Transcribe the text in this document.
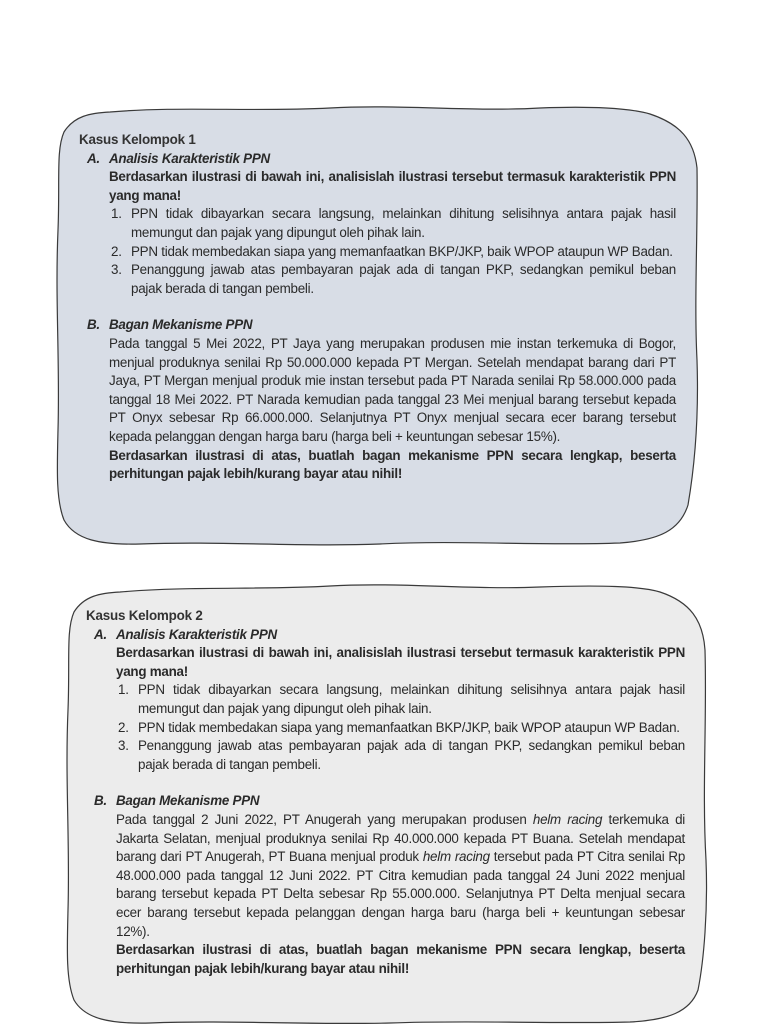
Kasus Kelompok 1
A. Analisis Karakteristik PPN
Berdasarkan ilustrasi di bawah ini, analisislah ilustrasi tersebut termasuk karakteristik PPN yang mana!
1. PPN tidak dibayarkan secara langsung, melainkan dihitung selisihnya antara pajak hasil memungut dan pajak yang dipungut oleh pihak lain.
2. PPN tidak membedakan siapa yang memanfaatkan BKP/JKP, baik WPOP ataupun WP Badan.
3. Penanggung jawab atas pembayaran pajak ada di tangan PKP, sedangkan pemikul beban pajak berada di tangan pembeli.
B. Bagan Mekanisme PPN
Pada tanggal 5 Mei 2022, PT Jaya yang merupakan produsen mie instan terkemuka di Bogor, menjual produknya senilai Rp 50.000.000 kepada PT Mergan. Setelah mendapat barang dari PT Jaya, PT Mergan menjual produk mie instan tersebut pada PT Narada senilai Rp 58.000.000 pada tanggal 18 Mei 2022. PT Narada kemudian pada tanggal 23 Mei menjual barang tersebut kepada PT Onyx sebesar Rp 66.000.000. Selanjutnya PT Onyx menjual secara ecer barang tersebut kepada pelanggan dengan harga baru (harga beli + keuntungan sebesar 15%).
Berdasarkan ilustrasi di atas, buatlah bagan mekanisme PPN secara lengkap, beserta perhitungan pajak lebih/kurang bayar atau nihil!
Kasus Kelompok 2
A. Analisis Karakteristik PPN
Berdasarkan ilustrasi di bawah ini, analisislah ilustrasi tersebut termasuk karakteristik PPN yang mana!
1. PPN tidak dibayarkan secara langsung, melainkan dihitung selisihnya antara pajak hasil memungut dan pajak yang dipungut oleh pihak lain.
2. PPN tidak membedakan siapa yang memanfaatkan BKP/JKP, baik WPOP ataupun WP Badan.
3. Penanggung jawab atas pembayaran pajak ada di tangan PKP, sedangkan pemikul beban pajak berada di tangan pembeli.
B. Bagan Mekanisme PPN
Pada tanggal 2 Juni 2022, PT Anugerah yang merupakan produsen helm racing terkemuka di Jakarta Selatan, menjual produknya senilai Rp 40.000.000 kepada PT Buana. Setelah mendapat barang dari PT Anugerah, PT Buana menjual produk helm racing tersebut pada PT Citra senilai Rp 48.000.000 pada tanggal 12 Juni 2022. PT Citra kemudian pada tanggal 24 Juni 2022 menjual barang tersebut kepada PT Delta sebesar Rp 55.000.000. Selanjutnya PT Delta menjual secara ecer barang tersebut kepada pelanggan dengan harga baru (harga beli + keuntungan sebesar 12%).
Berdasarkan ilustrasi di atas, buatlah bagan mekanisme PPN secara lengkap, beserta perhitungan pajak lebih/kurang bayar atau nihil!
